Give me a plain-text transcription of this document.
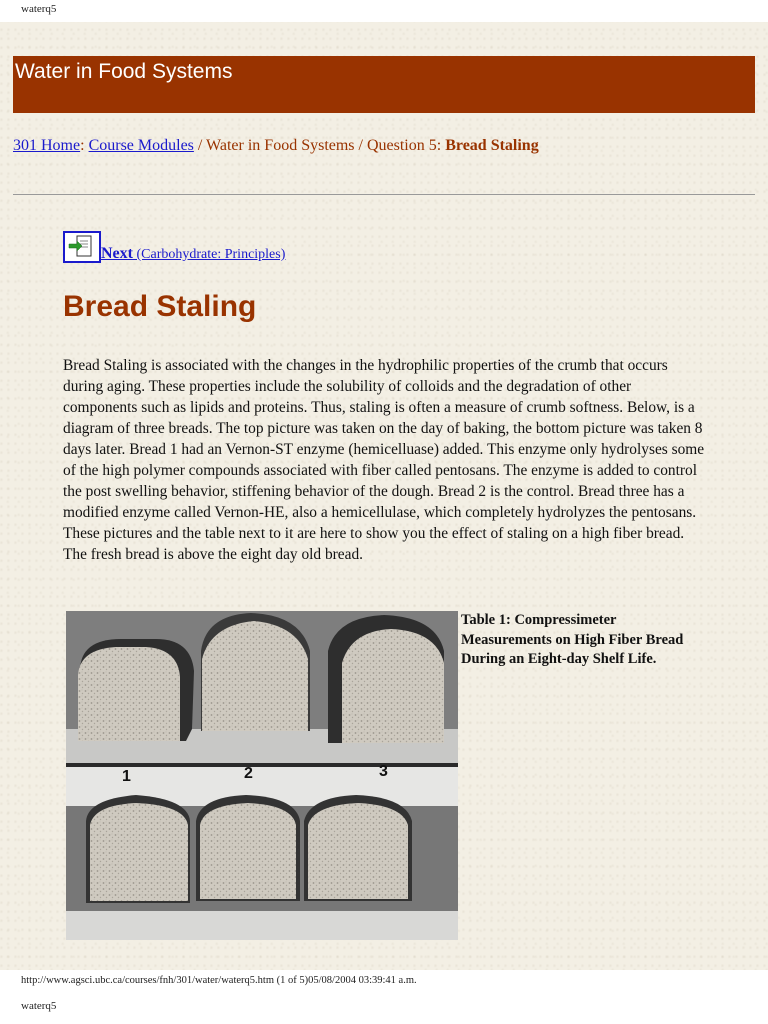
waterq5
Water in Food Systems
301 Home: Course Modules / Water in Food Systems / Question 5: Bread Staling
Next (Carbohydrate: Principles)
Bread Staling

Bread Staling is associated with the changes in the hydrophilic properties of the crumb that occurs during aging. These properties include the solubility of colloids and the degradation of other components such as lipids and proteins. Thus, staling is often a measure of crumb softness. Below, is a diagram of three breads. The top picture was taken on the day of baking, the bottom picture was taken 8 days later. Bread 1 had an Vernon-ST enzyme (hemicelluase) added. This enzyme only hydrolyses some of the high polymer compounds associated with fiber called pentosans. The enzyme is added to control the post swelling behavior, stiffening behavior of the dough. Bread 2 is the control. Bread three has a modified enzyme called Vernon-HE, also a hemicellulase, which completely hydrolyzes the pentosans. These pictures and the table next to it are here to show you the effect of staling on a high fiber bread. The fresh bread is above the eight day old bread.

1	2	3

Table 1: Compressimeter Measurements on High Fiber Bread During an Eight-day Shelf Life.

http://www.agsci.ubc.ca/courses/fnh/301/water/waterq5.htm (1 of 5)05/08/2004 03:39:41 a.m.
waterq5
